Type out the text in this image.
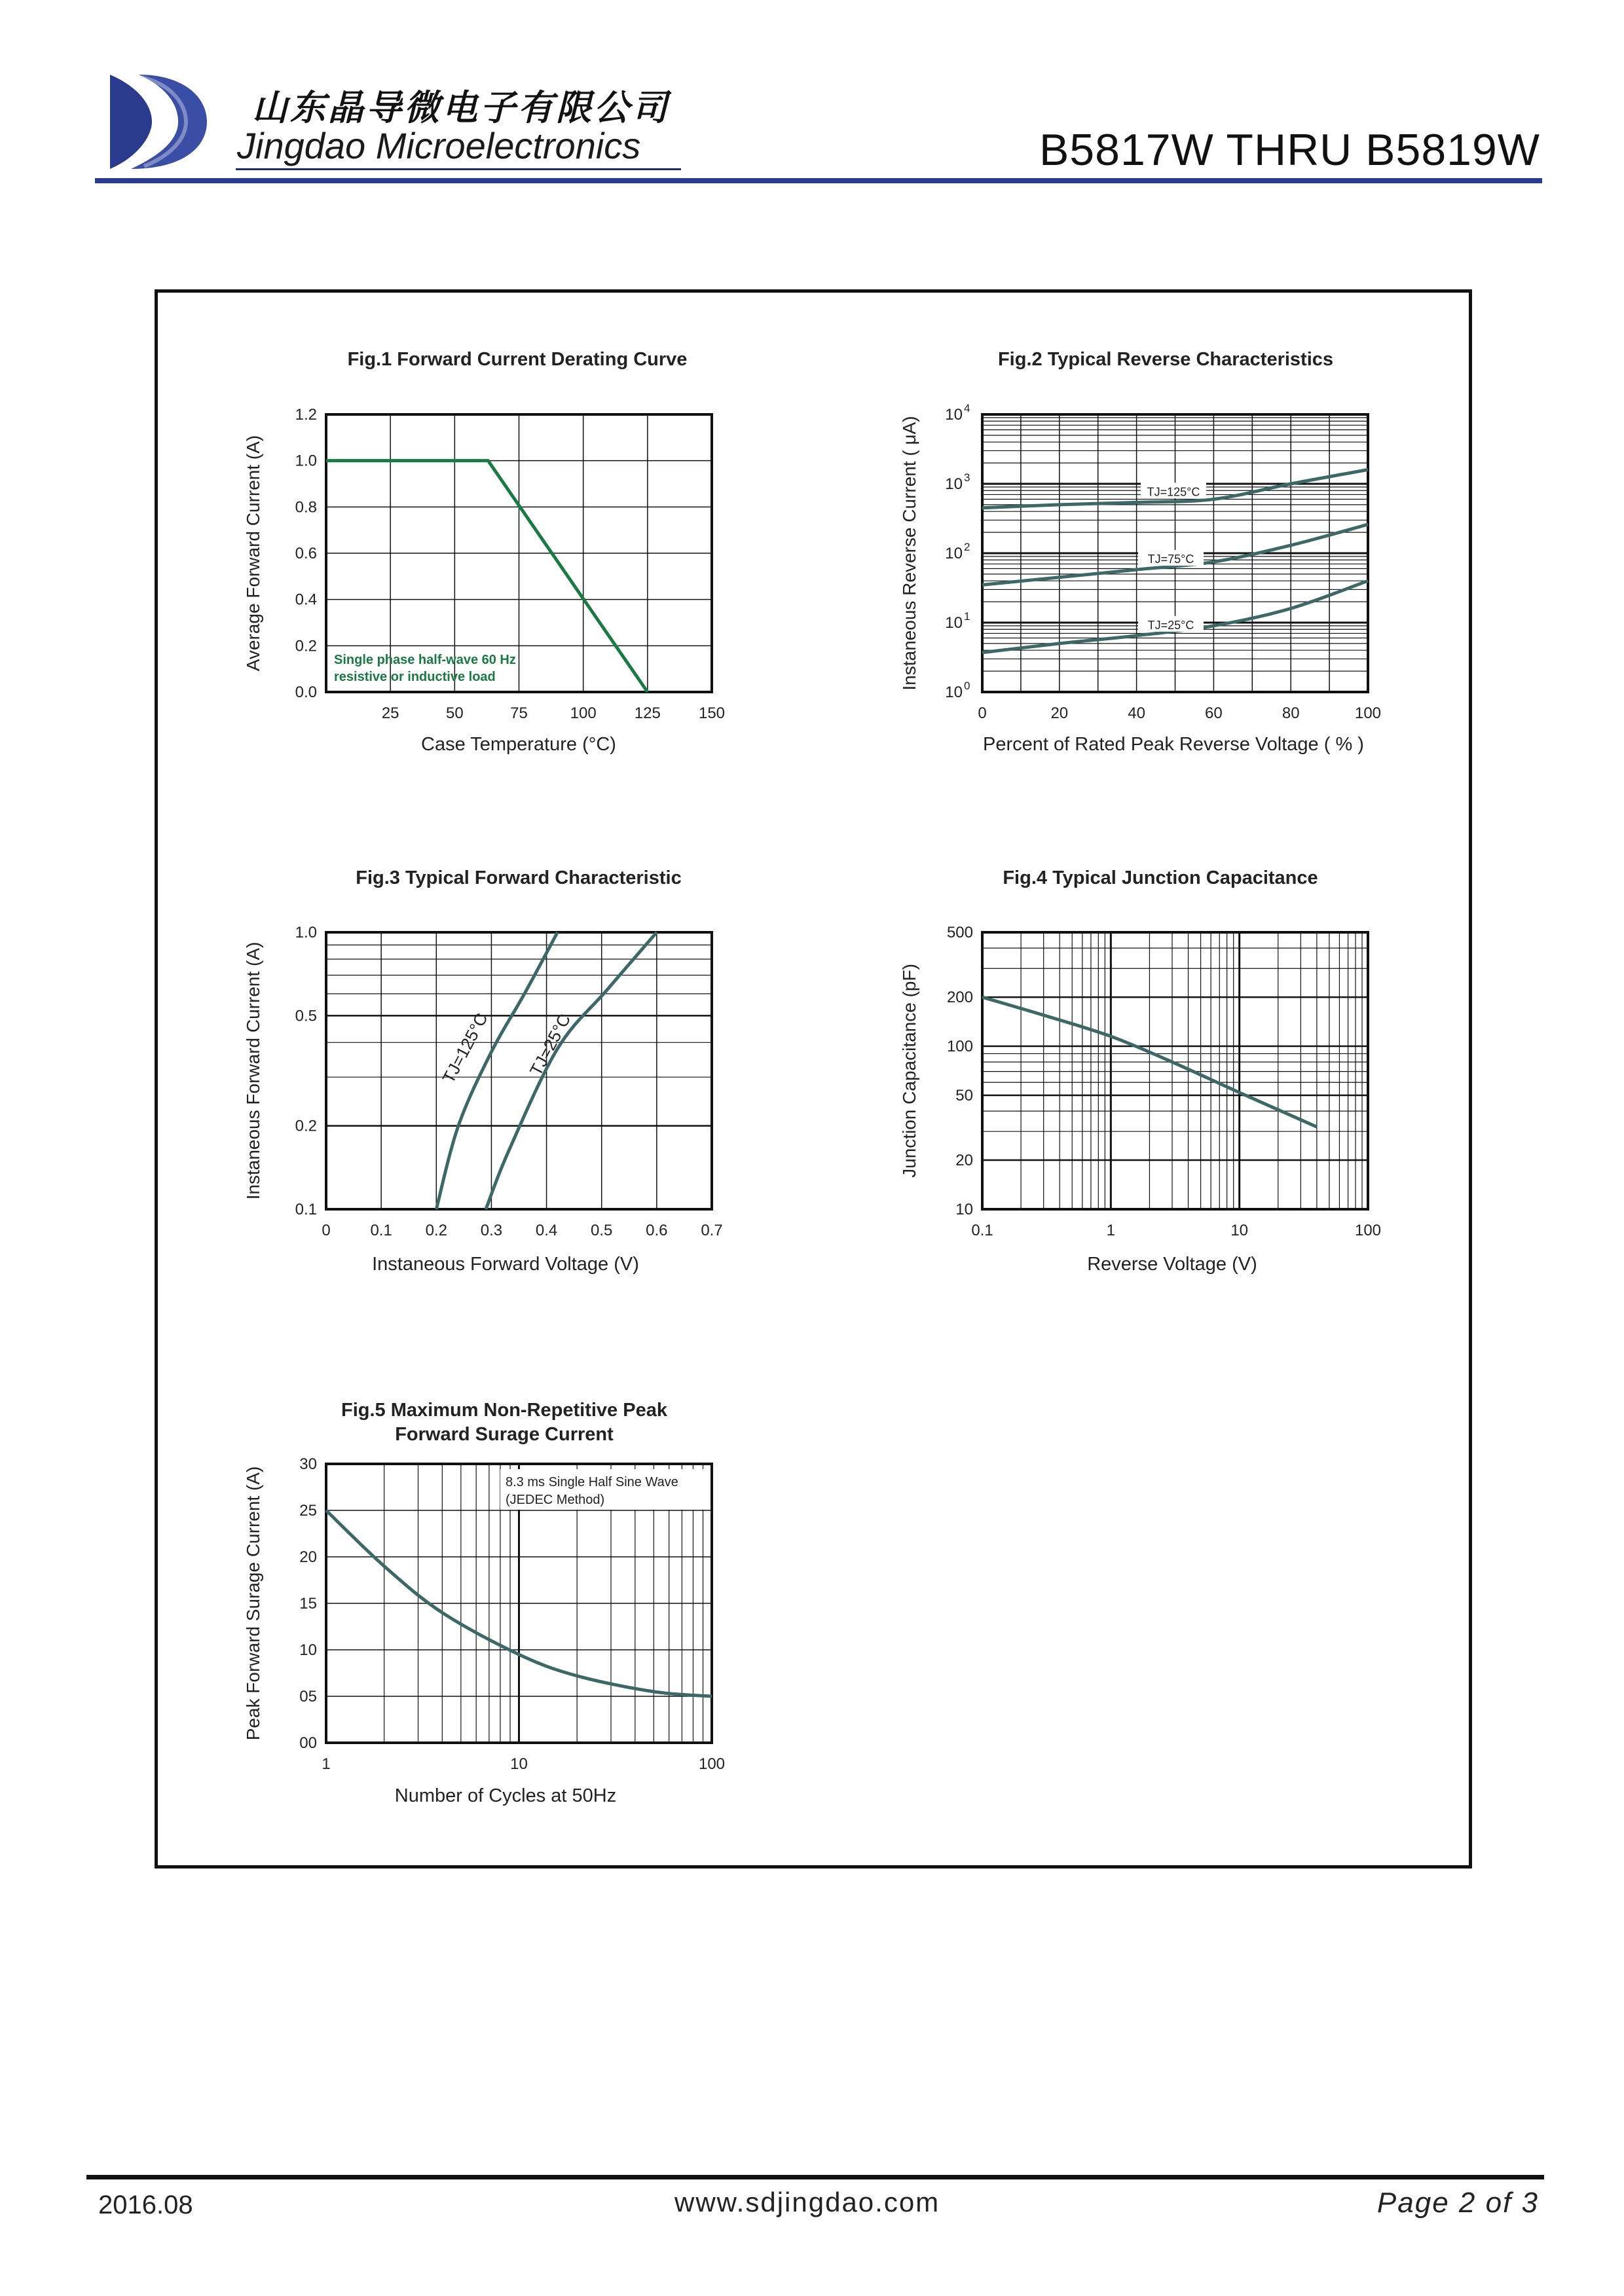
山东晶导微电子有限公司
Jingdao Microelectronics	B5817W THRU B5819W
25	50	75	100 125 150
0.0
0.2
0.4
0.6
0.8
1.0
1.2
Fig.1 Forward Current Derating Curve
Case Temperature (°C)
Average Forward Current (A)	Single phase half-wave 60 Hz
resistive or inductive load
0	20	40	60	80	100
10 0
10 1
10 2
10 3
10 4
Fig.2 Typical Reverse Characteristics
Percent of Rated Peak Reverse Voltage ( % )
Instaneous Reverse Current ( μA)	TJ=125°C
TJ=75°C
TJ=25°C
0	0.1 0.2 0.3 0.4 0.5 0.6 0.7
0.1
0.2
0.5
1.0
Fig.3 Typical Forward Characteristic
Instaneous Forward Voltage (V)
Instaneous Forward Current (A)	TJ=125°C TJ=25°C
0.1	1	10	100
10
20
50
100
200
500
Fig.4 Typical Junction Capacitance
Reverse Voltage (V)
Junction Capacitance (pF)
1	10	100
00
05
10
15
20
25
30
Fig.5 Maximum Non-Repetitive Peak
Forward Surage Current
Number of Cycles at 50Hz
Peak Forward Surage Current (A)	8.3 ms Single Half Sine Wave
(JEDEC Method)
2016.08	www.sdjingdao.com	Page 2 of 3
